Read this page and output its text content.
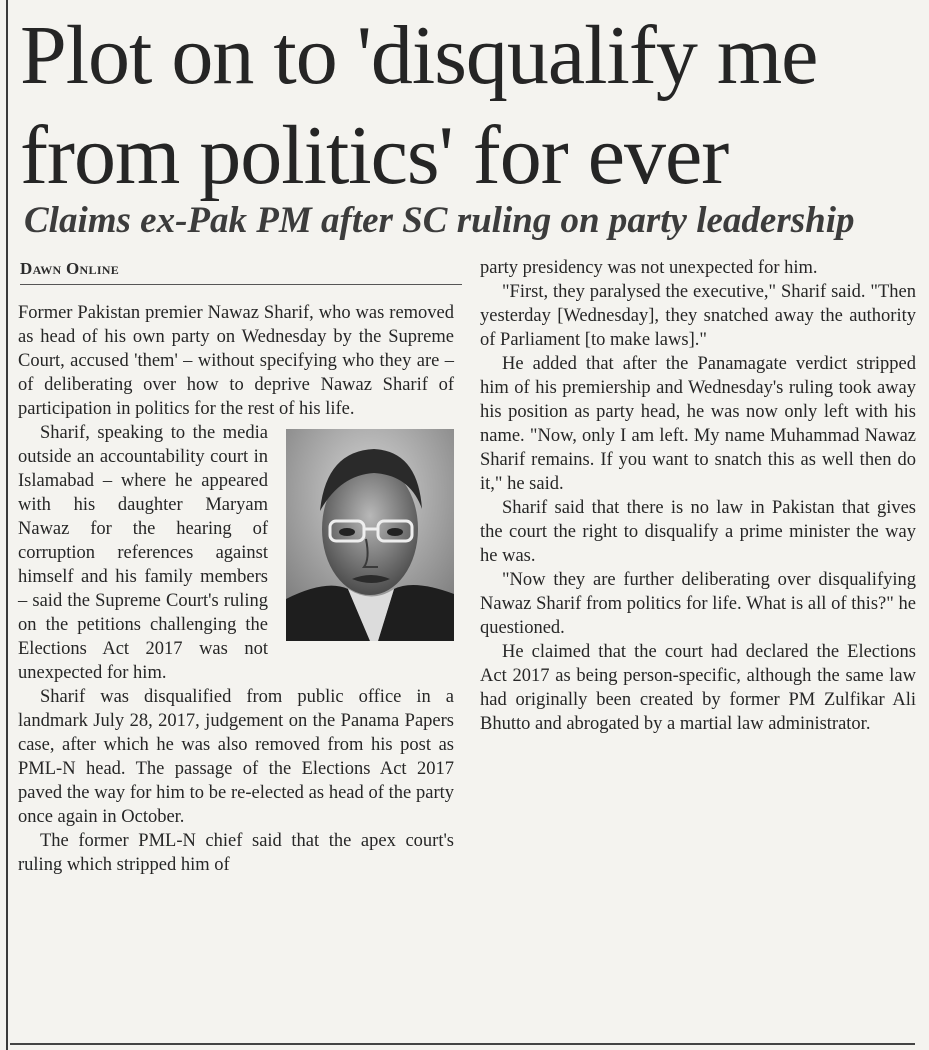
Plot on to 'disqualify me
from politics' for ever
Claims ex-Pak PM after SC ruling on party leadership
Dawn Online

Former Pakistan premier Nawaz Sharif, who was removed as head of his own party on Wednesday by the Supreme Court, accused 'them' – without specifying who they are – of deliberating over how to deprive Nawaz Sharif of participation in politics for the rest of his life.

Sharif, speaking to the media outside an accountability court in Islamabad – where he appeared with his daughter Maryam Nawaz for the hearing of corruption references against himself and his family members – said the Supreme Court's ruling on the petitions challenging the Elections Act 2017 was not unexpected for him.

Sharif was disqualified from public office in a landmark July 28, 2017, judgement on the Panama Papers case, after which he was also removed from his post as PML-N head. The passage of the Elections Act 2017 paved the way for him to be re-elected as head of the party once again in October.

The former PML-N chief said that the apex court's ruling which stripped him of

party presidency was not unexpected for him.

"First, they paralysed the executive," Sharif said. "Then yesterday [Wednesday], they snatched away the authority of Parliament [to make laws]."

He added that after the Panamagate verdict stripped him of his premiership and Wednesday's ruling took away his position as party head, he was now only left with his name. "Now, only I am left. My name Muhammad Nawaz Sharif remains. If you want to snatch this as well then do it," he said.

Sharif said that there is no law in Pakistan that gives the court the right to disqualify a prime minister the way he was.

"Now they are further deliberating over disqualifying Nawaz Sharif from politics for life. What is all of this?" he questioned.

He claimed that the court had declared the Elections Act 2017 as being person-specific, although the same law had originally been created by former PM Zulfikar Ali Bhutto and abrogated by a martial law administrator.
